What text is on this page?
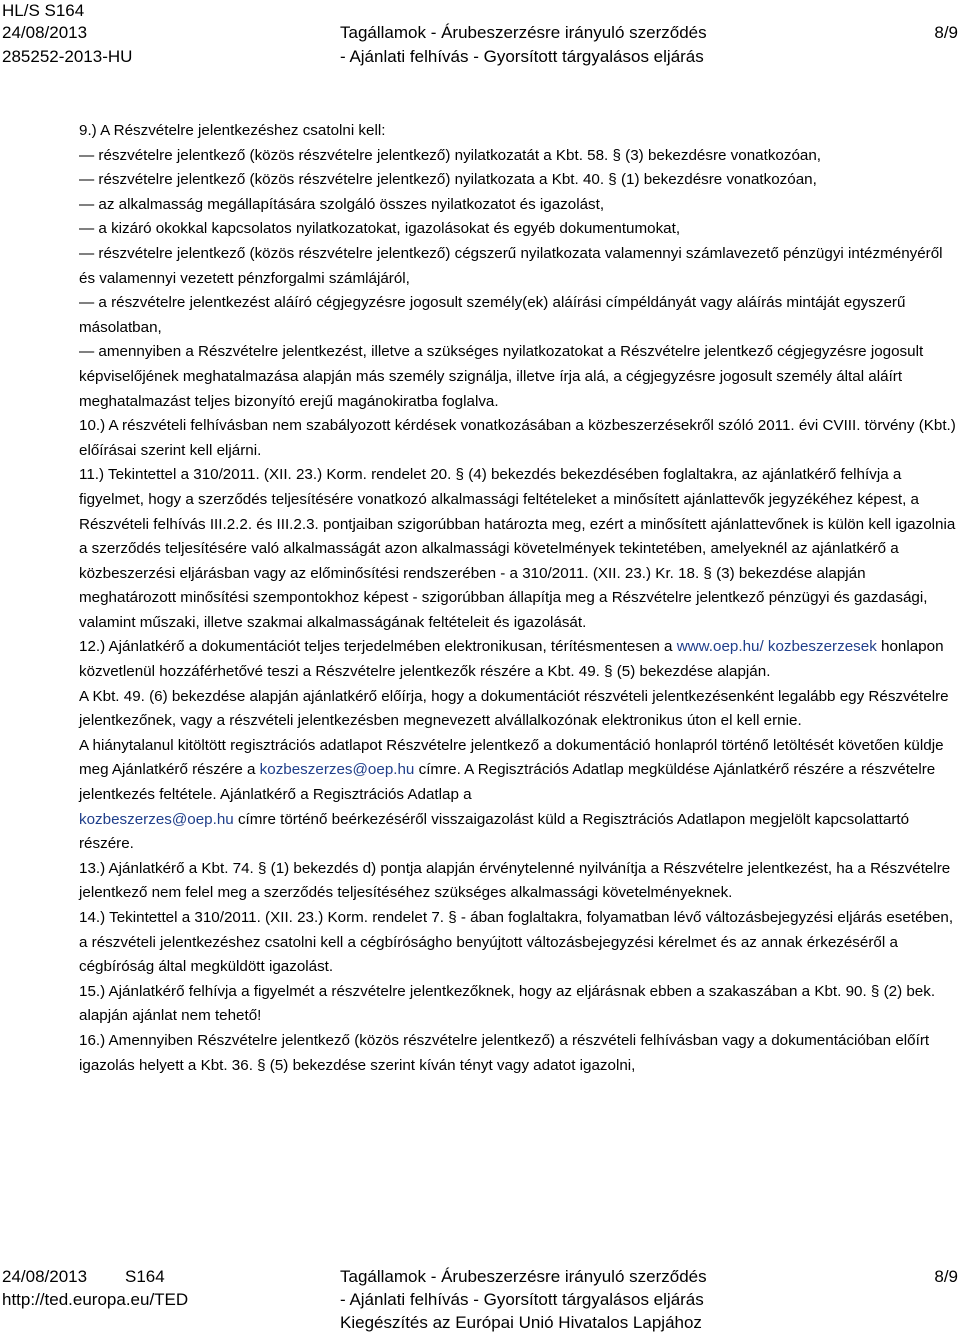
HL/S S164
24/08/2013
285252-2013-HU
Tagállamok - Árubeszerzésre irányuló szerződés
- Ajánlati felhívás - Gyorsított tárgyalásos eljárás
8/9

9.) A Részvételre jelentkezéshez csatolni kell:

— részvételre jelentkező (közös részvételre jelentkező) nyilatkozatát a Kbt. 58. § (3) bekezdésre vonatkozóan,

— részvételre jelentkező (közös részvételre jelentkező) nyilatkozata a Kbt. 40. § (1) bekezdésre vonatkozóan,

— az alkalmasság megállapítására szolgáló összes nyilatkozatot és igazolást,

— a kizáró okokkal kapcsolatos nyilatkozatokat, igazolásokat és egyéb dokumentumokat,

— részvételre jelentkező (közös részvételre jelentkező) cégszerű nyilatkozata valamennyi számlavezető pénzügyi intézményéről és valamennyi vezetett pénzforgalmi számlájáról,

— a részvételre jelentkezést aláíró cégjegyzésre jogosult személy(ek) aláírási címpéldányát vagy aláírás mintáját egyszerű másolatban,

— amennyiben a Részvételre jelentkezést, illetve a szükséges nyilatkozatokat a Részvételre jelentkező cégjegyzésre jogosult képviselőjének meghatalmazása alapján más személy szignálja, illetve írja alá, a cégjegyzésre jogosult személy által aláírt meghatalmazást teljes bizonyító erejű magánokiratba foglalva.

10.) A részvételi felhívásban nem szabályozott kérdések vonatkozásában a közbeszerzésekről szóló 2011. évi CVIII. törvény (Kbt.) előírásai szerint kell eljárni.

11.) Tekintettel a 310/2011. (XII. 23.) Korm. rendelet 20. § (4) bekezdés bekezdésében foglaltakra, az ajánlatkérő felhívja a figyelmet, hogy a szerződés teljesítésére vonatkozó alkalmassági feltételeket a minősített ajánlattevők jegyzékéhez képest, a Részvételi felhívás III.2.2. és III.2.3. pontjaiban szigorúbban határozta meg, ezért a minősített ajánlattevőnek is külön kell igazolnia a szerződés teljesítésére való alkalmasságát azon alkalmassági követelmények tekintetében, amelyeknél az ajánlatkérő a közbeszerzési eljárásban vagy az előminősítési rendszerében - a 310/2011. (XII. 23.) Kr. 18. § (3) bekezdése alapján meghatározott minősítési szempontokhoz képest - szigorúbban állapítja meg a Részvételre jelentkező pénzügyi és gazdasági, valamint műszaki, illetve szakmai alkalmasságának feltételeit és igazolását.

12.) Ajánlatkérő a dokumentációt teljes terjedelmében elektronikusan, térítésmentesen a www.oep.hu/ kozbeszerzesek honlapon közvetlenül hozzáférhetővé teszi a Részvételre jelentkezők részére a Kbt. 49. § (5) bekezdése alapján.

A Kbt. 49. (6) bekezdése alapján ajánlatkérő előírja, hogy a dokumentációt részvételi jelentkezésenként legalább egy Részvételre jelentkezőnek, vagy a részvételi jelentkezésben megnevezett alvállalkozónak elektronikus úton el kell ernie.

A hiánytalanul kitöltött regisztrációs adatlapot Részvételre jelentkező a dokumentáció honlapról történő letöltését követően küldje meg Ajánlatkérő részére a kozbeszerzes@oep.hu címre. A Regisztrációs Adatlap megküldése Ajánlatkérő részére a részvételre jelentkezés feltétele. Ajánlatkérő a Regisztrációs Adatlap a
kozbeszerzes@oep.hu címre történő beérkezéséről visszaigazolást küld a Regisztrációs Adatlapon megjelölt kapcsolattartó részére.

13.) Ajánlatkérő a Kbt. 74. § (1) bekezdés d) pontja alapján érvénytelenné nyilvánítja a Részvételre jelentkezést, ha a Részvételre jelentkező nem felel meg a szerződés teljesítéséhez szükséges alkalmassági követelményeknek.

14.) Tekintettel a 310/2011. (XII. 23.) Korm. rendelet 7. § - ában foglaltakra, folyamatban lévő változásbejegyzési eljárás esetében, a részvételi jelentkezéshez csatolni kell a cégbíróságho benyújtott változásbejegyzési kérelmet és az annak érkezéséről a cégbíróság által megküldött igazolást.

15.) Ajánlatkérő felhívja a figyelmét a részvételre jelentkezőknek, hogy az eljárásnak ebben a szakaszában a Kbt. 90. § (2) bek. alapján ajánlat nem tehető!

16.) Amennyiben Részvételre jelentkező (közös részvételre jelentkező) a részvételi felhívásban vagy a dokumentációban előírt igazolás helyett a Kbt. 36. § (5) bekezdése szerint kíván tényt vagy adatot igazolni,

24/08/2013 S164
http://ted.europa.eu/TED
Tagállamok - Árubeszerzésre irányuló szerződés
- Ajánlati felhívás - Gyorsított tárgyalásos eljárás
Kiegészítés az Európai Unió Hivatalos Lapjához
8/9
